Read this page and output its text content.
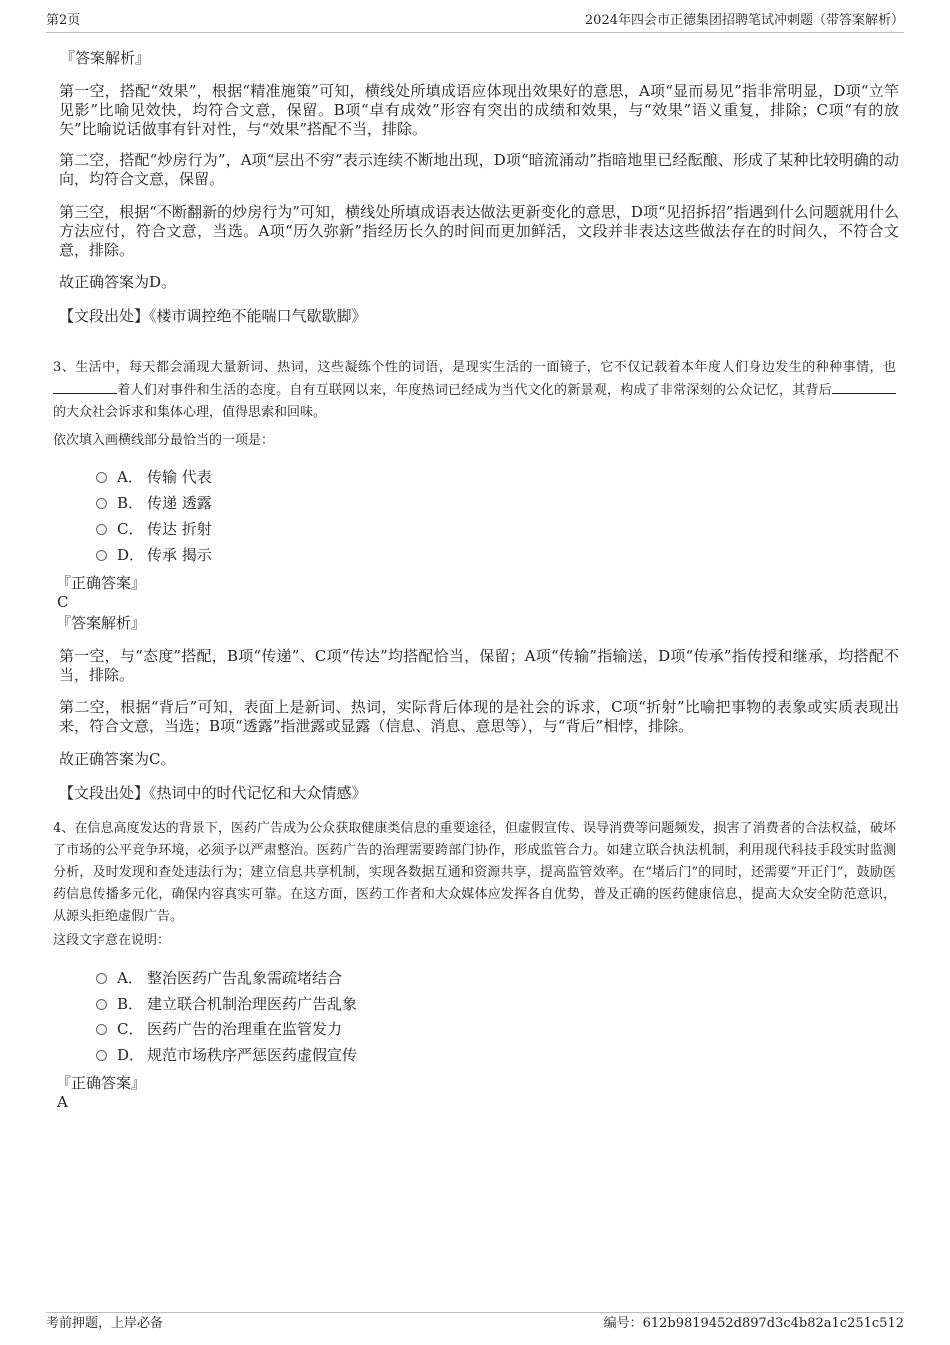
第2页	2024年四会市正德集团招聘笔试冲刺题（带答案解析）
『答案解析』
第一空，搭配“效果”，根据“精准施策”可知，横线处所填成语应体现出效果好的意思，A项“显而易见”指非常明显，D项“立竿见影”比喻见效快，均符合文意，保留。B项“卓有成效”形容有突出的成绩和效果，与“效果”语义重复，排除；C项“有的放矢”比喻说话做事有针对性，与“效果”搭配不当，排除。
第二空，搭配“炒房行为”，A项“层出不穷”表示连续不断地出现，D项“暗流涌动”指暗地里已经酝酿、形成了某种比较明确的动向，均符合文意，保留。
第三空，根据“不断翻新的炒房行为”可知，横线处所填成语表达做法更新变化的意思，D项“见招拆招”指遇到什么问题就用什么方法应付，符合文意，当选。A项“历久弥新”指经历长久的时间而更加鲜活，文段并非表达这些做法存在的时间久，不符合文意，排除。
故正确答案为D。
【文段出处】《楼市调控绝不能喘口气歇歇脚》
3、生活中，每天都会涌现大量新词、热词，这些凝练个性的词语，是现实生活的一面镜子，它不仅记载着本年度人们身边发生的种种事情，也着人们对事件和生活的态度。自有互联网以来，年度热词已经成为当代文化的新景观，构成了非常深刻的公众记忆，其背后的大众社会诉求和集体心理，值得思索和回味。
依次填入画横线部分最恰当的一项是：
A． 传输 代表
B． 传递 透露
C． 传达 折射
D． 传承 揭示
『正确答案』
C
『答案解析』
第一空，与“态度”搭配，B项“传递”、C项“传达”均搭配恰当，保留；A项“传输”指输送，D项“传承”指传授和继承，均搭配不当，排除。
第二空，根据“背后”可知，表面上是新词、热词，实际背后体现的是社会的诉求，C项“折射”比喻把事物的表象或实质表现出来，符合文意，当选；B项“透露”指泄露或显露（信息、消息、意思等），与“背后”相悖，排除。
故正确答案为C。
【文段出处】《热词中的时代记忆和大众情感》
4、在信息高度发达的背景下，医药广告成为公众获取健康类信息的重要途径，但虚假宣传、误导消费等问题频发，损害了消费者的合法权益，破坏了市场的公平竞争环境，必须予以严肃整治。医药广告的治理需要跨部门协作，形成监管合力。如建立联合执法机制，利用现代科技手段实时监测分析，及时发现和查处违法行为；建立信息共享机制，实现各数据互通和资源共享，提高监管效率。在“堵后门”的同时，还需要“开正门”，鼓励医药信息传播多元化，确保内容真实可靠。在这方面，医药工作者和大众媒体应发挥各自优势，普及正确的医药健康信息，提高大众安全防范意识，从源头拒绝虚假广告。
这段文字意在说明：
A． 整治医药广告乱象需疏堵结合
B． 建立联合机制治理医药广告乱象
C． 医药广告的治理重在监管发力
D． 规范市场秩序严惩医药虚假宣传
『正确答案』
A
考前押题，上岸必备	编号：612b9819452d897d3c4b82a1c251c512
